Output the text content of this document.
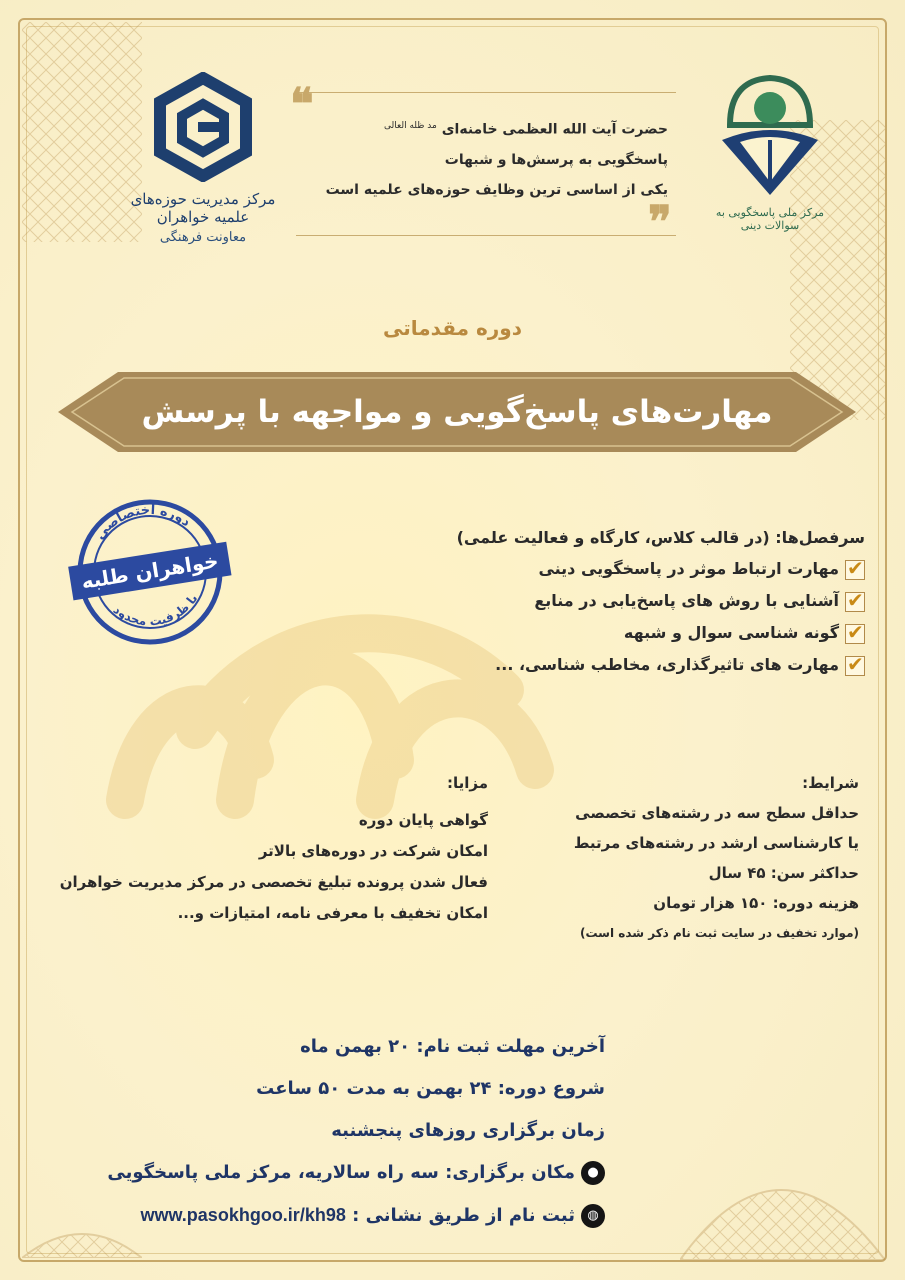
مرکز مدیریت حوزه‌های علمیه خواهران
معاونت فرهنگی
مرکز ملی پاسخگویی به سوالات دینی
❝
❞
حضرت آیت الله العظمی خامنه‌ای $^{مد ظله العالی}$
پاسخگویی به پرسش‌ها و شبهات
یکی از اساسی ترین وظایف حوزه‌های علمیه است
دوره مقدماتی
مهارت‌های پاسخ‌گویی و مواجهه با پرسش
دوره اختصاصی
خواهران طلبه
با ظرفیت محدود
سرفصل‌ها: (در قالب کلاس، کارگاه و فعالیت علمی)
✔مهارت ارتباط موثر در پاسخگویی دینی
✔آشنایی با روش های پاسخ‌یابی در منابع
✔گونه شناسی سوال و شبهه
✔مهارت های تاثیرگذاری، مخاطب شناسی، ...
مزایا:
گواهی پایان دوره
امکان شرکت در دوره‌های بالاتر
فعال شدن پرونده تبلیغ تخصصی در مرکز مدیریت خواهران
امکان تخفیف با معرفی نامه، امتیازات و...
شرایط:
حداقل سطح سه در رشته‌های تخصصی
یا کارشناسی ارشد در رشته‌های مرتبط
حداکثر سن: ۴۵ سال
هزینه دوره: ۱۵۰ هزار تومان
(موارد تخفیف در سایت ثبت نام ذکر شده است)
آخرین مهلت ثبت نام: ۲۰ بهمن ماه
شروع دوره: ۲۴ بهمن به مدت ۵۰ ساعت
زمان برگزاری روزهای پنجشنبه
●مکان برگزاری: سه راه سالاریه، مرکز ملی پاسخگویی
◍ثبت نام از طریق نشانی : www.pasokhgoo.ir/kh98
